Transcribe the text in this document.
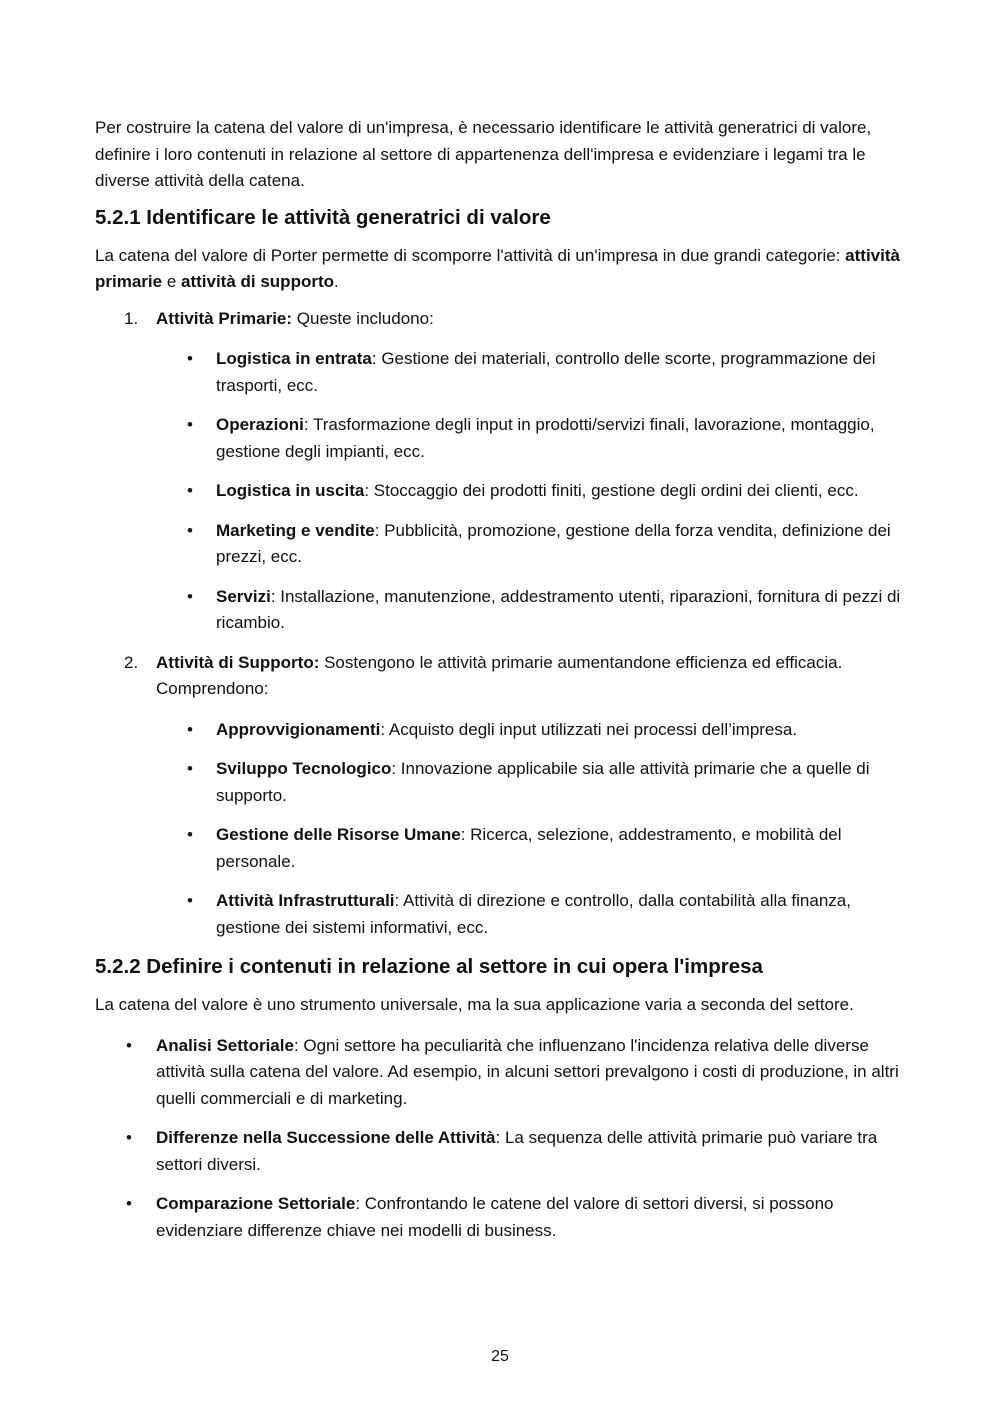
Per costruire la catena del valore di un'impresa, è necessario identificare le attività generatrici di valore, definire i loro contenuti in relazione al settore di appartenenza dell'impresa e evidenziare i legami tra le diverse attività della catena.

5.2.1 Identificare le attività generatrici di valore

La catena del valore di Porter permette di scomporre l'attività di un'impresa in due grandi categorie: attività primarie e attività di supporto.

1. Attività Primarie: Queste includono:
• Logistica in entrata: Gestione dei materiali, controllo delle scorte, programmazione dei trasporti, ecc.
• Operazioni: Trasformazione degli input in prodotti/servizi finali, lavorazione, montaggio, gestione degli impianti, ecc.
• Logistica in uscita: Stoccaggio dei prodotti finiti, gestione degli ordini dei clienti, ecc.
• Marketing e vendite: Pubblicità, promozione, gestione della forza vendita, definizione dei prezzi, ecc.
• Servizi: Installazione, manutenzione, addestramento utenti, riparazioni, fornitura di pezzi di ricambio.
2. Attività di Supporto: Sostengono le attività primarie aumentandone efficienza ed efficacia. Comprendono:
• Approvvigionamenti: Acquisto degli input utilizzati nei processi dell’impresa.
• Sviluppo Tecnologico: Innovazione applicabile sia alle attività primarie che a quelle di supporto.
• Gestione delle Risorse Umane: Ricerca, selezione, addestramento, e mobilità del personale.
• Attività Infrastrutturali: Attività di direzione e controllo, dalla contabilità alla finanza, gestione dei sistemi informativi, ecc.
5.2.2 Definire i contenuti in relazione al settore in cui opera l'impresa

La catena del valore è uno strumento universale, ma la sua applicazione varia a seconda del settore.

• Analisi Settoriale: Ogni settore ha peculiarità che influenzano l'incidenza relativa delle diverse attività sulla catena del valore. Ad esempio, in alcuni settori prevalgono i costi di produzione, in altri quelli commerciali e di marketing.
• Differenze nella Successione delle Attività: La sequenza delle attività primarie può variare tra settori diversi.
• Comparazione Settoriale: Confrontando le catene del valore di settori diversi, si possono evidenziare differenze chiave nei modelli di business.
25
